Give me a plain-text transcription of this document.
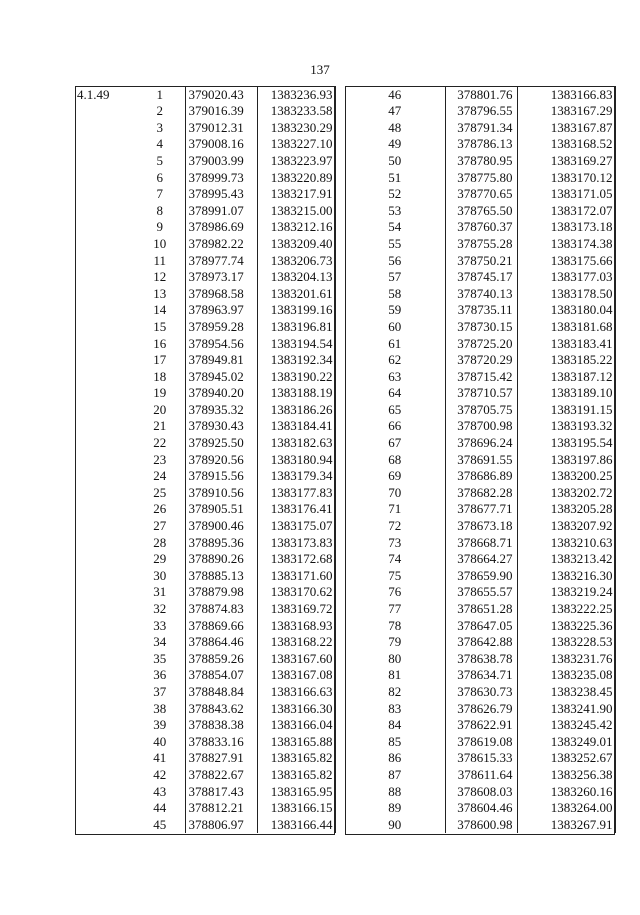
137
4.1.49	1	379020.43	1383236.93
	2	379016.39	1383233.58
	3	379012.31	1383230.29
	4	379008.16	1383227.10
	5	379003.99	1383223.97
	6	378999.73	1383220.89
	7	378995.43	1383217.91
	8	378991.07	1383215.00
	9	378986.69	1383212.16
	10	378982.22	1383209.40
	11	378977.74	1383206.73
	12	378973.17	1383204.13
	13	378968.58	1383201.61
	14	378963.97	1383199.16
	15	378959.28	1383196.81
	16	378954.56	1383194.54
	17	378949.81	1383192.34
	18	378945.02	1383190.22
	19	378940.20	1383188.19
	20	378935.32	1383186.26
	21	378930.43	1383184.41
	22	378925.50	1383182.63
	23	378920.56	1383180.94
	24	378915.56	1383179.34
	25	378910.56	1383177.83
	26	378905.51	1383176.41
	27	378900.46	1383175.07
	28	378895.36	1383173.83
	29	378890.26	1383172.68
	30	378885.13	1383171.60
	31	378879.98	1383170.62
	32	378874.83	1383169.72
	33	378869.66	1383168.93
	34	378864.46	1383168.22
	35	378859.26	1383167.60
	36	378854.07	1383167.08
	37	378848.84	1383166.63
	38	378843.62	1383166.30
	39	378838.38	1383166.04
	40	378833.16	1383165.88
	41	378827.91	1383165.82
	42	378822.67	1383165.82
	43	378817.43	1383165.95
	44	378812.21	1383166.15
	45	378806.97	1383166.44
46	378801.76	1383166.83
47	378796.55	1383167.29
48	378791.34	1383167.87
49	378786.13	1383168.52
50	378780.95	1383169.27
51	378775.80	1383170.12
52	378770.65	1383171.05
53	378765.50	1383172.07
54	378760.37	1383173.18
55	378755.28	1383174.38
56	378750.21	1383175.66
57	378745.17	1383177.03
58	378740.13	1383178.50
59	378735.11	1383180.04
60	378730.15	1383181.68
61	378725.20	1383183.41
62	378720.29	1383185.22
63	378715.42	1383187.12
64	378710.57	1383189.10
65	378705.75	1383191.15
66	378700.98	1383193.32
67	378696.24	1383195.54
68	378691.55	1383197.86
69	378686.89	1383200.25
70	378682.28	1383202.72
71	378677.71	1383205.28
72	378673.18	1383207.92
73	378668.71	1383210.63
74	378664.27	1383213.42
75	378659.90	1383216.30
76	378655.57	1383219.24
77	378651.28	1383222.25
78	378647.05	1383225.36
79	378642.88	1383228.53
80	378638.78	1383231.76
81	378634.71	1383235.08
82	378630.73	1383238.45
83	378626.79	1383241.90
84	378622.91	1383245.42
85	378619.08	1383249.01
86	378615.33	1383252.67
87	378611.64	1383256.38
88	378608.03	1383260.16
89	378604.46	1383264.00
90	378600.98	1383267.91
